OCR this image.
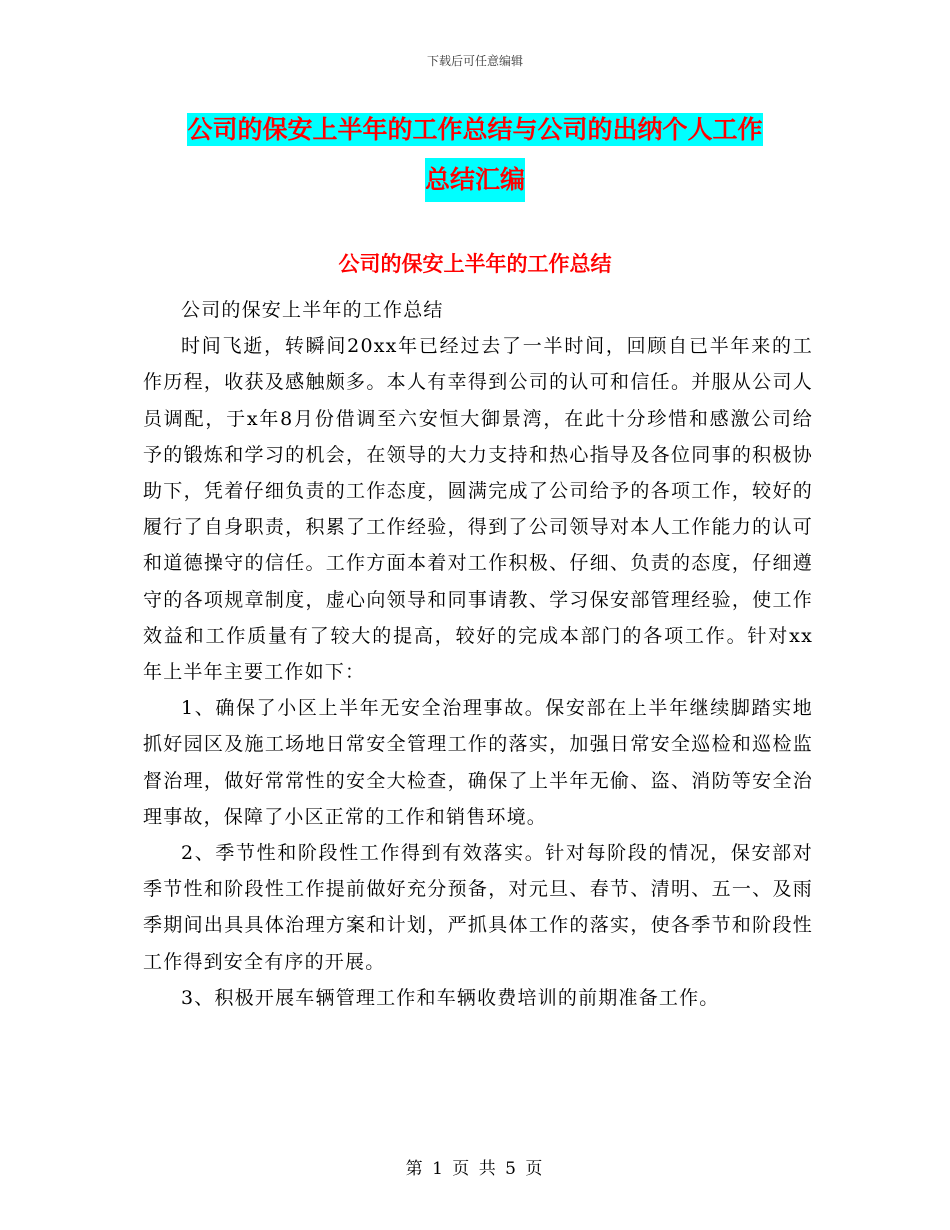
下载后可任意编辑
公司的保安上半年的工作总结与公司的出纳个人工作
总结汇编
公司的保安上半年的工作总结

公司的保安上半年的工作总结

时间飞逝，转瞬间20xx年已经过去了一半时间，回顾自已半年来的工作历程，收获及感触颇多。本人有幸得到公司的认可和信任。并服从公司人员调配，于x年8月份借调至六安恒大御景湾，在此十分珍惜和感激公司给予的锻炼和学习的机会，在领导的大力支持和热心指导及各位同事的积极协助下，凭着仔细负责的工作态度，圆满完成了公司给予的各项工作，较好的履行了自身职责，积累了工作经验，得到了公司领导对本人工作能力的认可和道德操守的信任。工作方面本着对工作积极、仔细、负责的态度，仔细遵守的各项规章制度，虚心向领导和同事请教、学习保安部管理经验，使工作效益和工作质量有了较大的提高，较好的完成本部门的各项工作。针对xx年上半年主要工作如下：

1、确保了小区上半年无安全治理事故。保安部在上半年继续脚踏实地抓好园区及施工场地日常安全管理工作的落实，加强日常安全巡检和巡检监督治理，做好常常性的安全大检查，确保了上半年无偷、盗、消防等安全治理事故，保障了小区正常的工作和销售环境。

2、季节性和阶段性工作得到有效落实。针对每阶段的情况，保安部对季节性和阶段性工作提前做好充分预备，对元旦、春节、清明、五一、及雨季期间出具具体治理方案和计划，严抓具体工作的落实，使各季节和阶段性工作得到安全有序的开展。

3、积极开展车辆管理工作和车辆收费培训的前期准备工作。

第 1 页 共 5 页
